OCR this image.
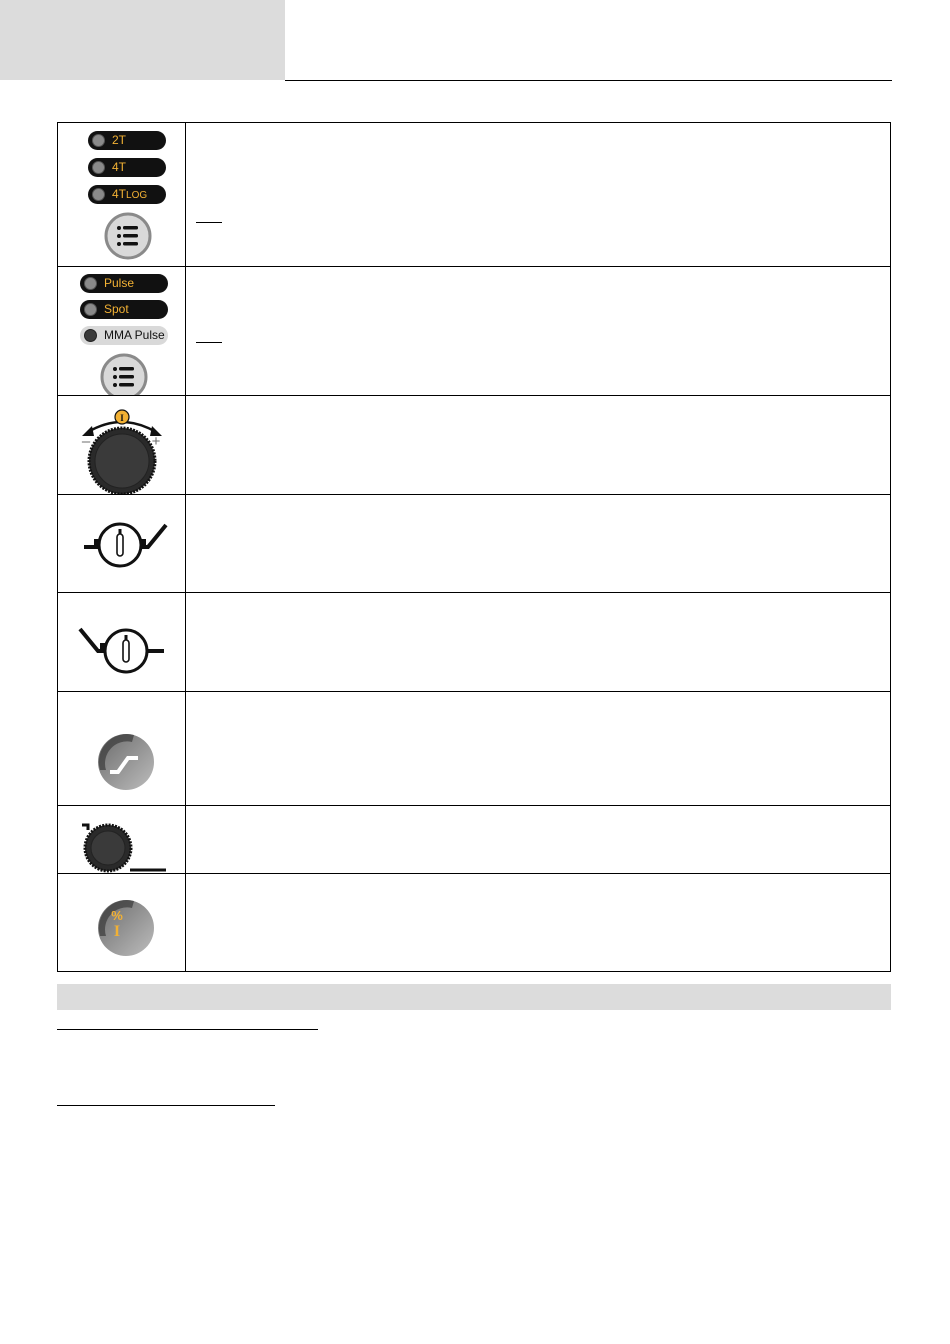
2T
4T
4TLOG	

Pulse
Spot
MMA Pulse	

I
– +	

%
I	
